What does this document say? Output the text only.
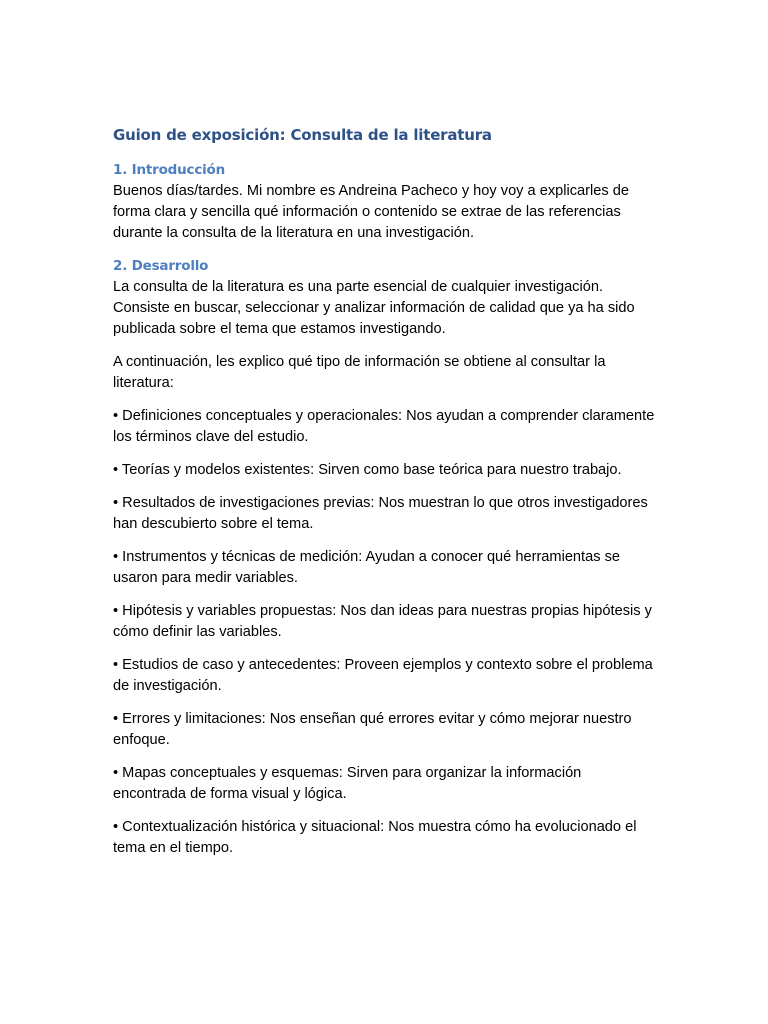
Guion de exposición: Consulta de la literatura
1. Introducción

Buenos días/tardes. Mi nombre es Andreina Pacheco y hoy voy a explicarles de forma clara y sencilla qué información o contenido se extrae de las referencias durante la consulta de la literatura en una investigación.

2. Desarrollo

La consulta de la literatura es una parte esencial de cualquier investigación. Consiste en buscar, seleccionar y analizar información de calidad que ya ha sido publicada sobre el tema que estamos investigando.

A continuación, les explico qué tipo de información se obtiene al consultar la literatura:

• Definiciones conceptuales y operacionales: Nos ayudan a comprender claramente los términos clave del estudio.

• Teorías y modelos existentes: Sirven como base teórica para nuestro trabajo.

• Resultados de investigaciones previas: Nos muestran lo que otros investigadores han descubierto sobre el tema.

• Instrumentos y técnicas de medición: Ayudan a conocer qué herramientas se usaron para medir variables.

• Hipótesis y variables propuestas: Nos dan ideas para nuestras propias hipótesis y cómo definir las variables.

• Estudios de caso y antecedentes: Proveen ejemplos y contexto sobre el problema de investigación.

• Errores y limitaciones: Nos enseñan qué errores evitar y cómo mejorar nuestro enfoque.

• Mapas conceptuales y esquemas: Sirven para organizar la información encontrada de forma visual y lógica.

• Contextualización histórica y situacional: Nos muestra cómo ha evolucionado el tema en el tiempo.
